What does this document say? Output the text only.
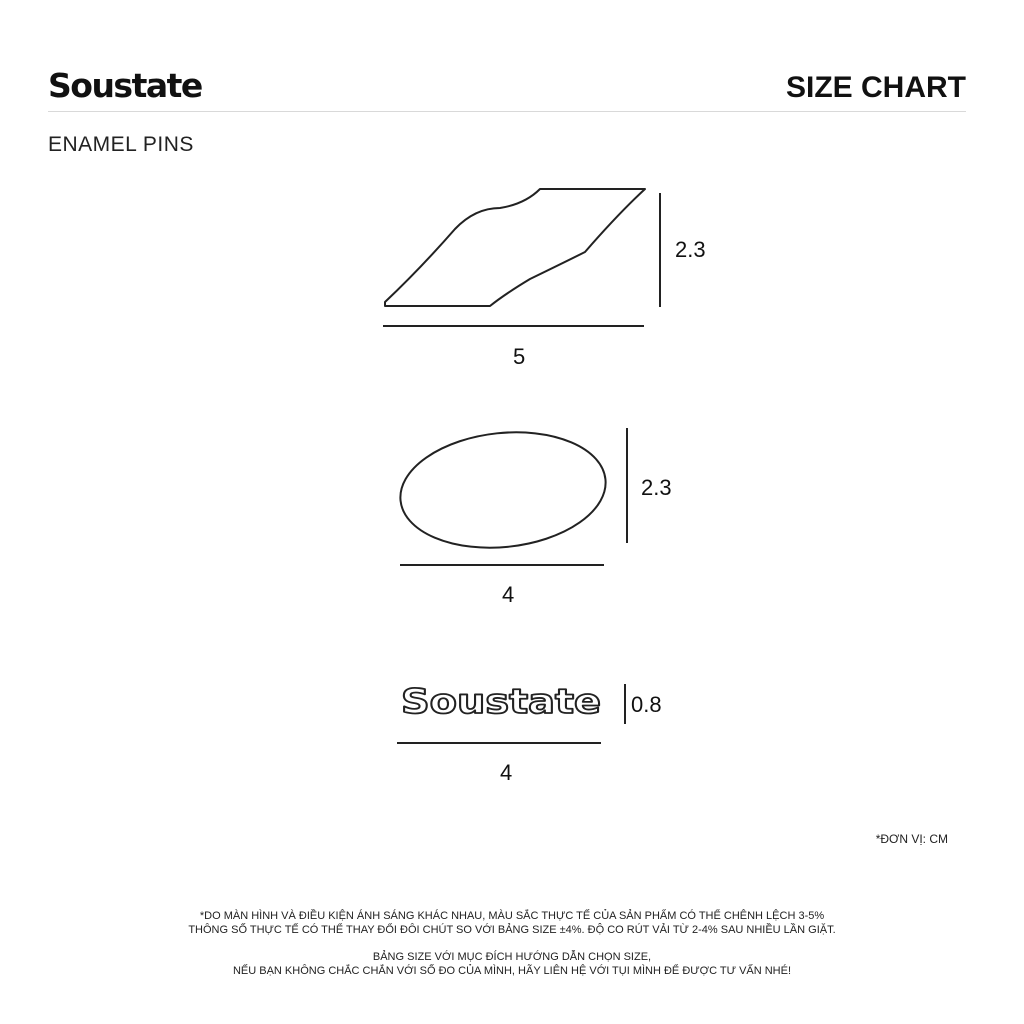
Soustate	SIZE CHART
ENAMEL PINS
2.3
5
2.3
4
Soustate 0.8
4
*ĐƠN VỊ: CM
*DO MÀN HÌNH VÀ ĐIỀU KIỆN ÁNH SÁNG KHÁC NHAU, MÀU SẮC THỰC TẾ CỦA SẢN PHẨM CÓ THỂ CHÊNH LỆCH 3-5%
THÔNG SỐ THỰC TẾ CÓ THỂ THAY ĐỔI ĐÔI CHÚT SO VỚI BẢNG SIZE ±4%. ĐỘ CO RÚT VẢI TỪ 2-4% SAU NHIỀU LẦN GIẶT.
BẢNG SIZE VỚI MỤC ĐÍCH HƯỚNG DẪN CHỌN SIZE,
NẾU BẠN KHÔNG CHẮC CHẮN VỚI SỐ ĐO CỦA MÌNH, HÃY LIÊN HỆ VỚI TỤI MÌNH ĐỂ ĐƯỢC TƯ VẤN NHÉ!
